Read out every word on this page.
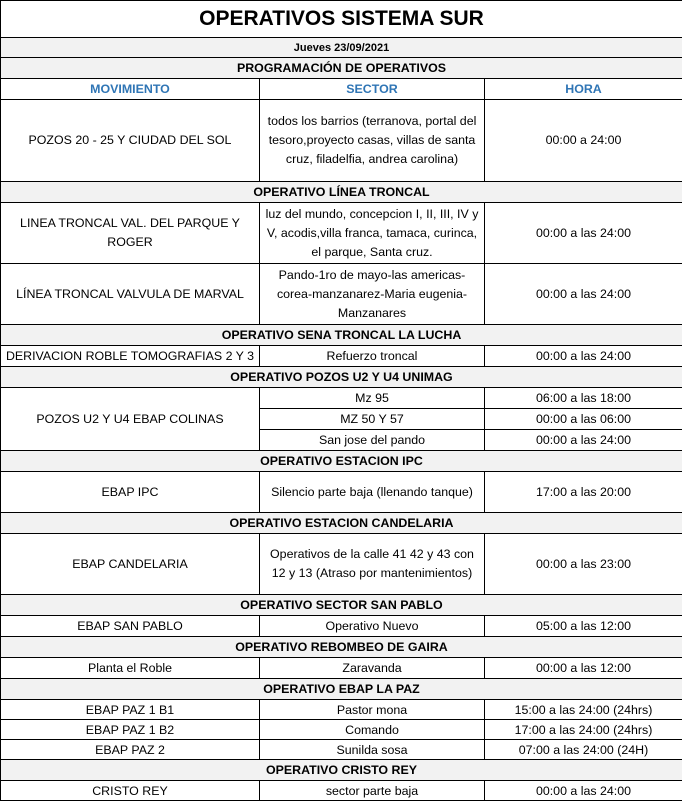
OPERATIVOS SISTEMA SUR		
Jueves 23/09/2021		
PROGRAMACIÓN DE OPERATIVOS		
MOVIMIENTO	SECTOR	HORA
POZOS 20 - 25 Y CIUDAD DEL SOL	todos los barrios (terranova, portal del tesoro,proyecto casas, villas de santa cruz, filadelfia, andrea carolina)	00:00 a 24:00
OPERATIVO LÍNEA TRONCAL		
LINEA TRONCAL VAL. DEL PARQUE Y ROGER	luz del mundo, concepcion I, II, III, IV y V, acodis,villa franca, tamaca, curinca, el parque, Santa cruz.	00:00 a las 24:00
LÍNEA TRONCAL VALVULA DE MARVAL	Pando-1ro de mayo-las americas-corea-manzanarez-Maria eugenia-Manzanares	00:00 a las 24:00
OPERATIVO SENA TRONCAL LA LUCHA		
DERIVACION ROBLE TOMOGRAFIAS 2 Y 3	Refuerzo troncal	00:00 a las 24:00
OPERATIVO POZOS U2 Y U4 UNIMAG		
POZOS U2 Y U4 EBAP COLINAS	Mz 95	06:00 a las 18:00
	MZ 50 Y 57	00:00 a las 06:00
	San jose del pando	00:00 a las 24:00
OPERATIVO ESTACION IPC		
EBAP IPC	Silencio parte baja (llenando tanque)	17:00 a las 20:00
OPERATIVO ESTACION CANDELARIA		
EBAP CANDELARIA	Operativos de la calle 41 42 y 43 con 12 y 13 (Atraso por mantenimientos)	00:00 a las 23:00
OPERATIVO SECTOR SAN PABLO		
EBAP SAN PABLO	Operativo Nuevo	05:00 a las 12:00
OPERATIVO REBOMBEO DE GAIRA		
Planta el Roble	Zaravanda	00:00 a las 12:00
OPERATIVO EBAP LA PAZ		
EBAP PAZ 1 B1	Pastor mona	15:00 a las 24:00 (24hrs)
EBAP PAZ 1 B2	Comando	17:00 a las 24:00 (24hrs)
EBAP PAZ 2	Sunilda sosa	07:00 a las 24:00 (24H)
OPERATIVO CRISTO REY		
CRISTO REY	sector parte baja	00:00 a las 24:00
